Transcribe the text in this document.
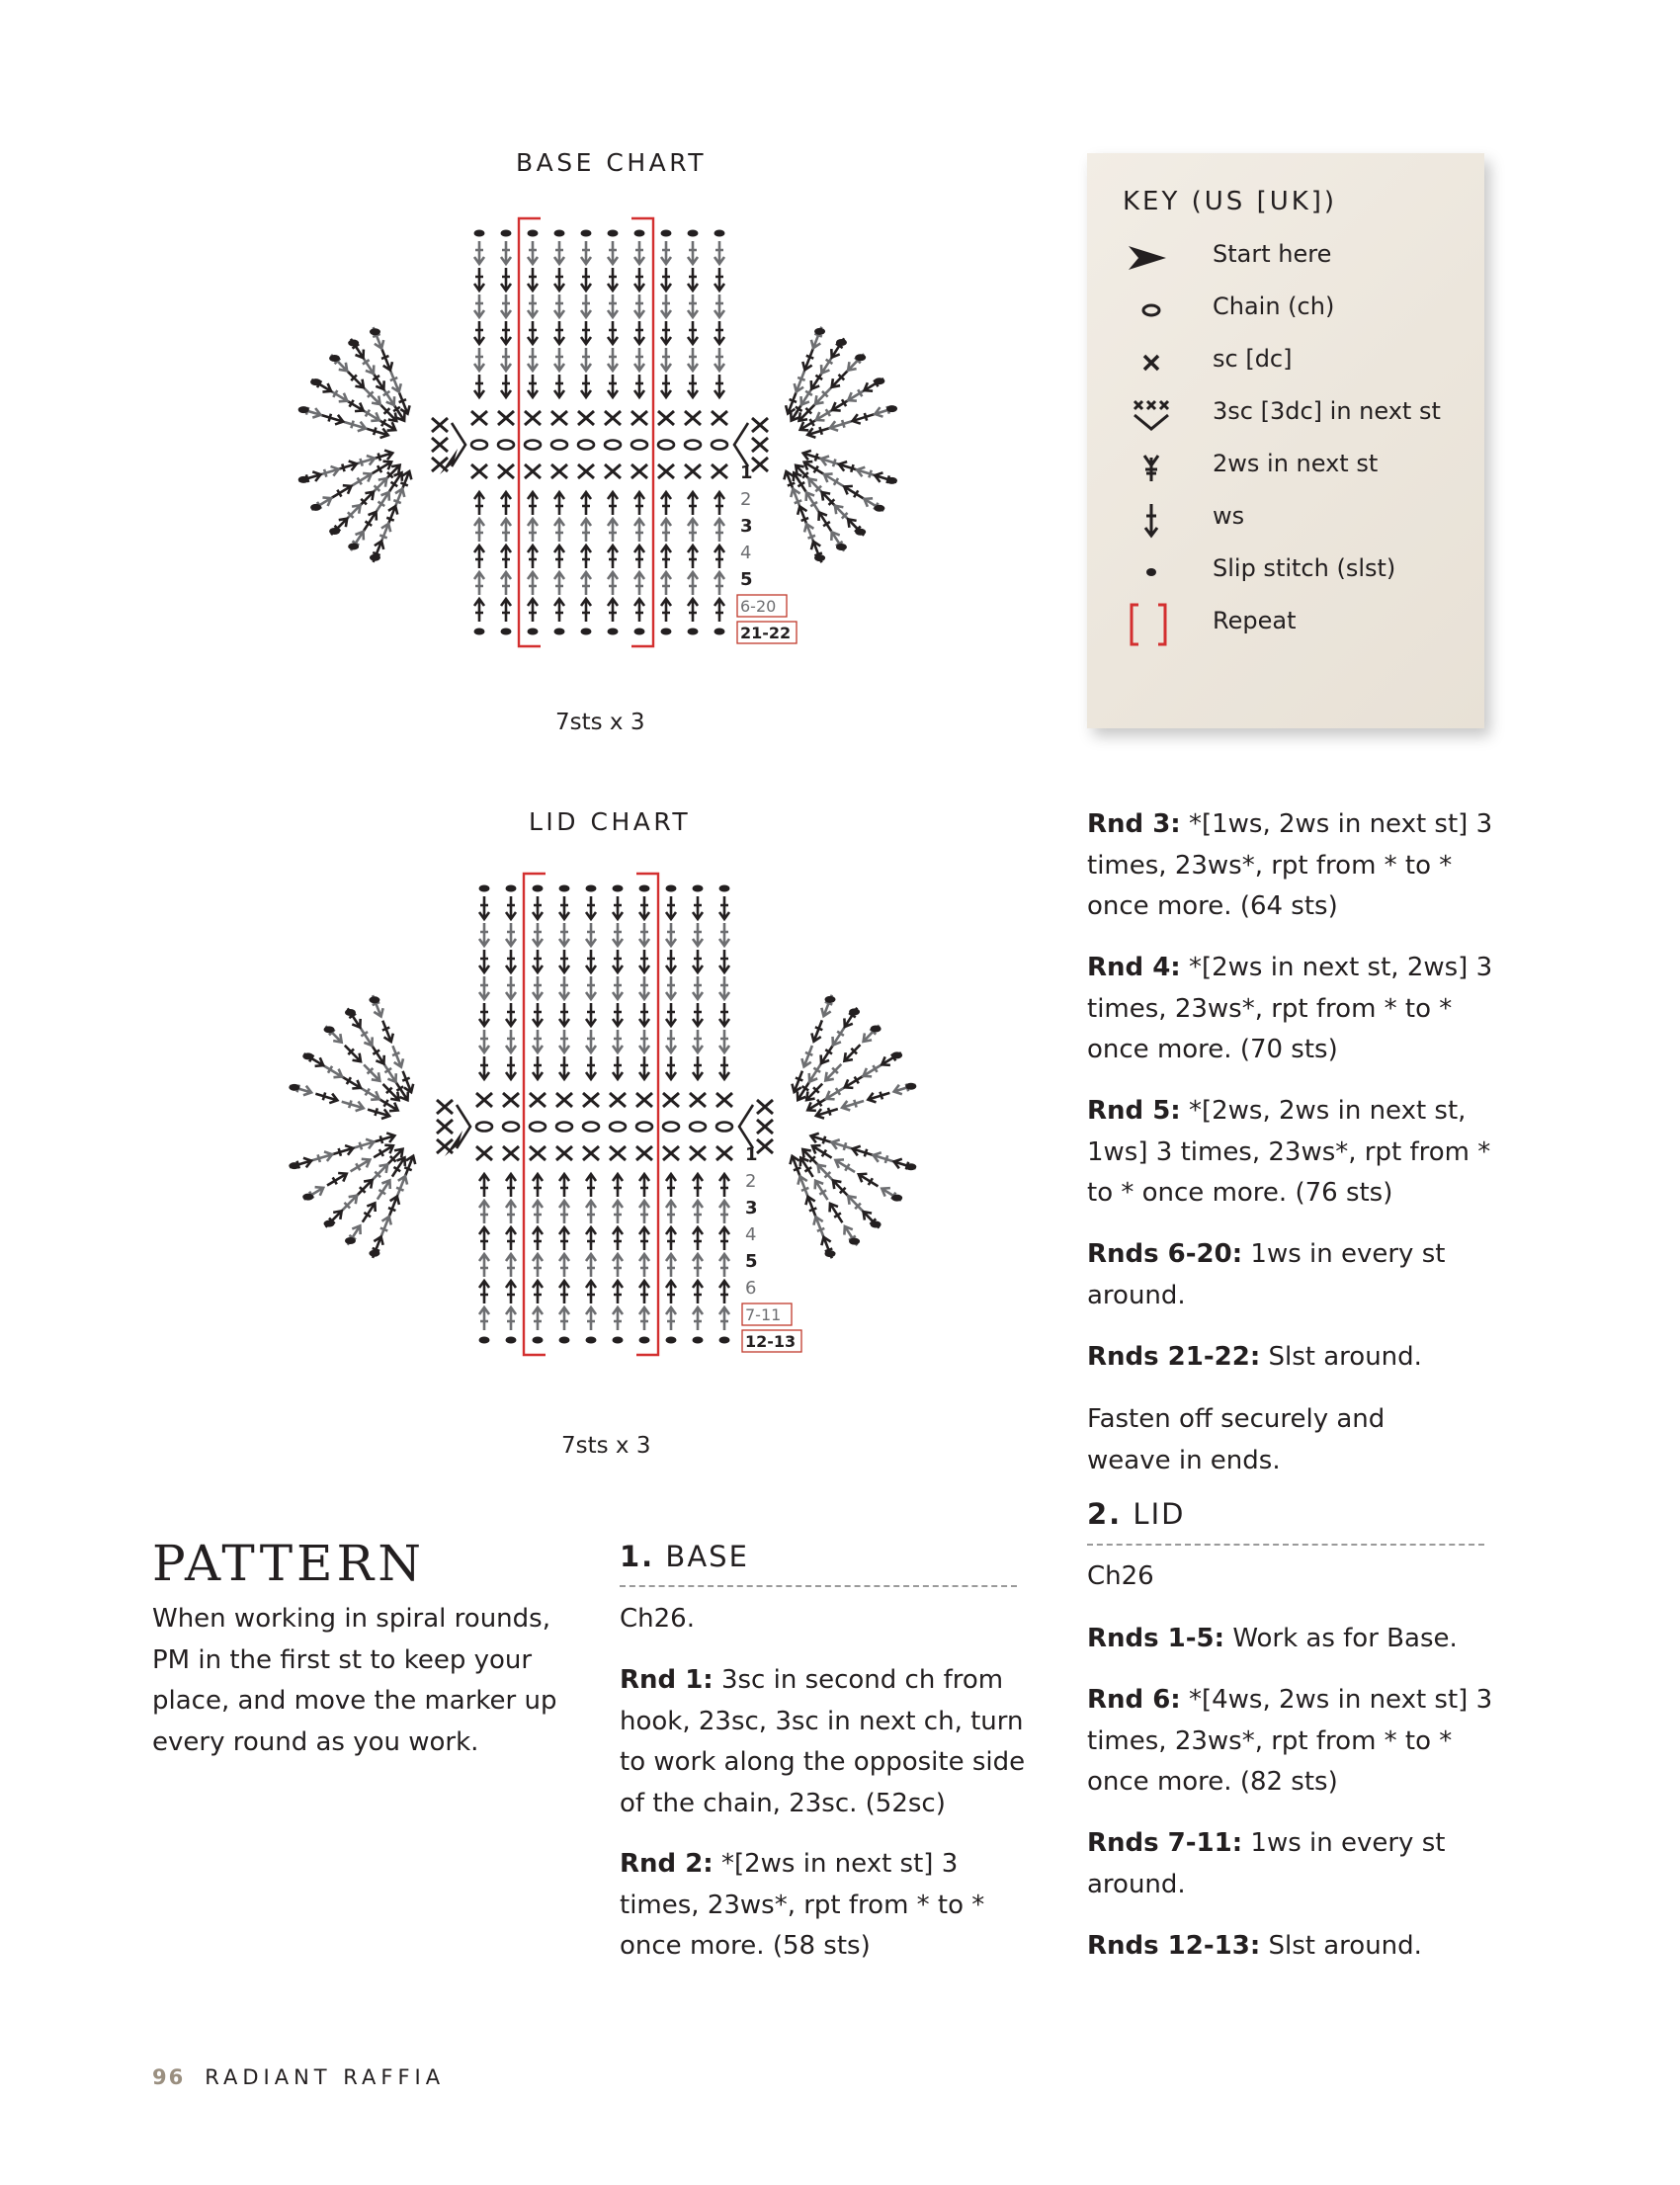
BASE CHART
1
2
3
4
5
6-20
21-22
7sts x 3
LID CHART
1
2
3
4
5
6
7-11
12-13
7sts x 3
KEY (US [UK])
Start here
Chain (ch)
sc [dc]
3sc [3dc] in next st
2ws in next st
ws
Slip stitch (slst)
Repeat
Rnd 3: *[1ws, 2ws in next st] 3 times, 23ws*, rpt from * to * once more. (64 sts)
Rnd 4: *[2ws in next st, 2ws] 3 times, 23ws*, rpt from * to * once more. (70 sts)
Rnd 5: *[2ws, 2ws in next st, 1ws] 3 times, 23ws*, rpt from * to * once more. (76 sts)
Rnds 6-20: 1ws in every st around.
Rnds 21-22: Slst around.
Fasten off securely and weave in ends.
2. LID
Ch26
Rnds 1-5: Work as for Base.
Rnd 6: *[4ws, 2ws in next st] 3 times, 23ws*, rpt from * to * once more. (82 sts)
Rnds 7-11: 1ws in every st around.
Rnds 12-13: Slst around.
PATTERN
When working in spiral rounds, PM in the first st to keep your place, and move the marker up every round as you work.
1. BASE
Ch26.
Rnd 1: 3sc in second ch from hook, 23sc, 3sc in next ch, turn to work along the opposite side of the chain, 23sc. (52sc)
Rnd 2: *[2ws in next st] 3 times, 23ws*, rpt from * to * once more. (58 sts)
96 RADIANT RAFFIA
